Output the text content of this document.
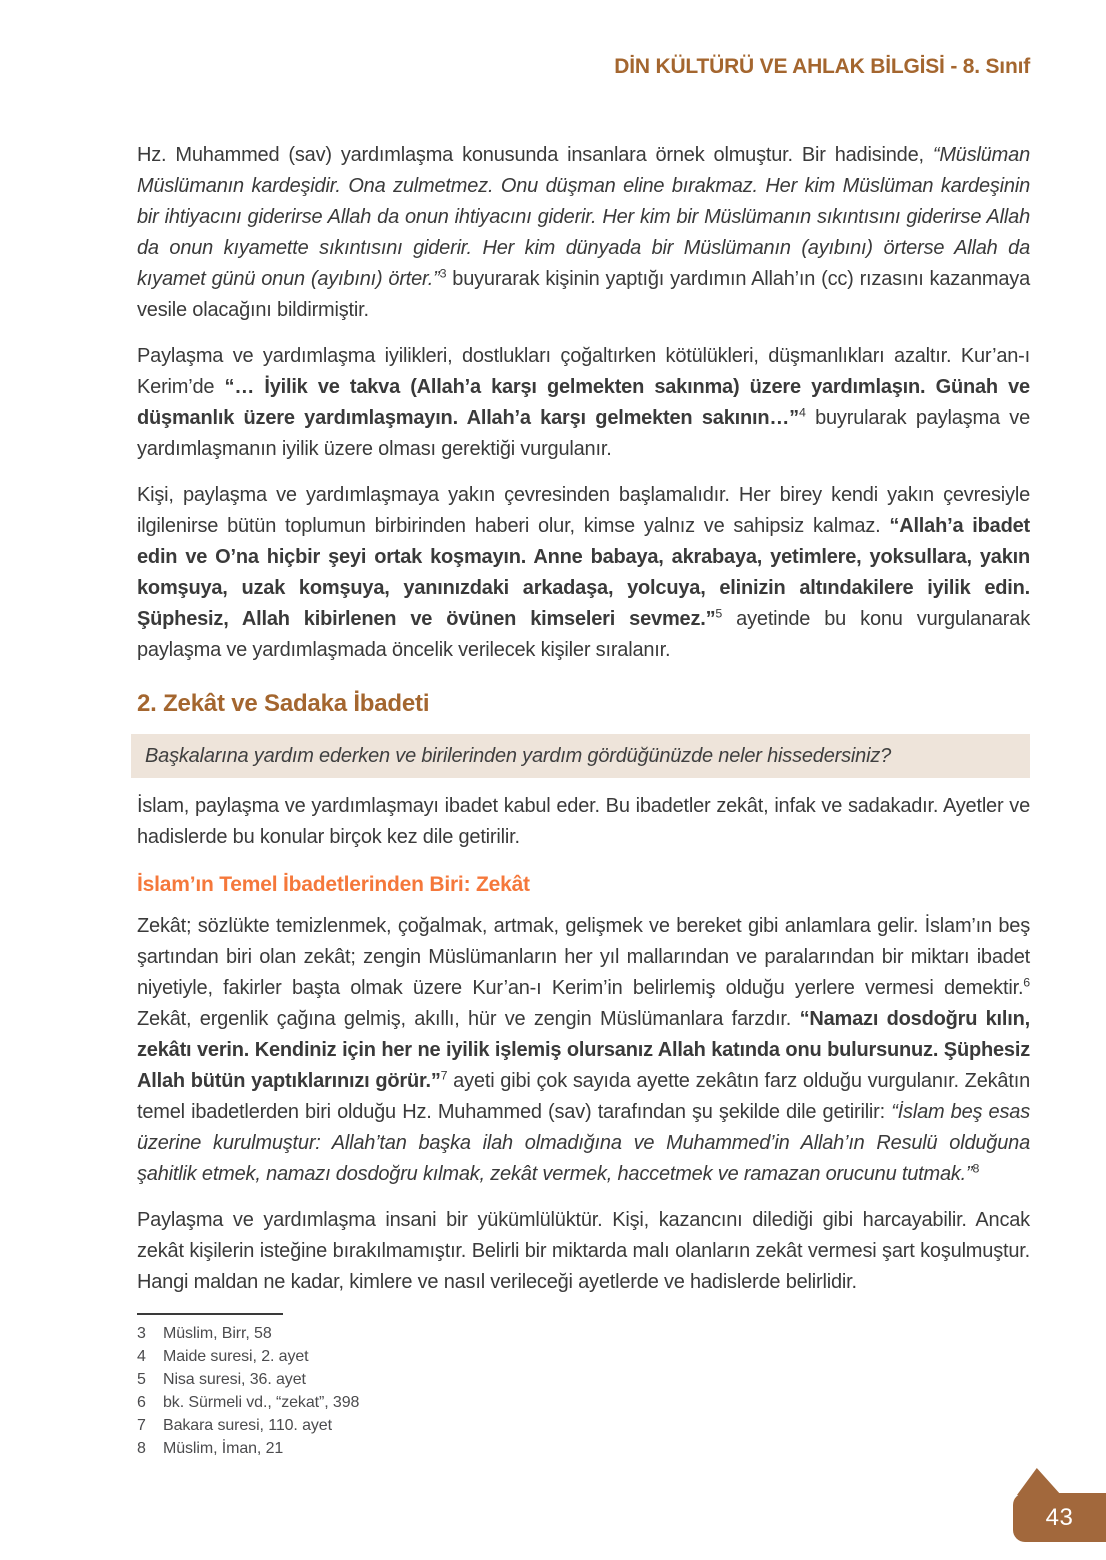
DİN KÜLTÜRÜ VE AHLAK BİLGİSİ - 8. Sınıf

Hz. Muhammed (sav) yardımlaşma konusunda insanlara örnek olmuştur. Bir hadisinde, “Müslüman Müslümanın kardeşidir. Ona zulmetmez. Onu düşman eline bırakmaz. Her kim Müslüman kardeşinin bir ihtiyacını giderirse Allah da onun ihtiyacını giderir. Her kim bir Müslümanın sıkıntısını giderirse Allah da onun kıyamette sıkıntısını giderir. Her kim dünyada bir Müslümanın (ayıbını) örterse Allah da kıyamet günü onun (ayıbını) örter.”$^3$ buyurarak kişinin yaptığı yardımın Allah’ın (cc) rızasını kazanmaya vesile olacağını bildirmiştir.

Paylaşma ve yardımlaşma iyilikleri, dostlukları çoğaltırken kötülükleri, düşmanlıkları azaltır. Kur’an-ı Kerim’de “… İyilik ve takva (Allah’a karşı gelmekten sakınma) üzere yardımlaşın. Günah ve düşmanlık üzere yardımlaşmayın. Allah’a karşı gelmekten sakının…”$^4$ buyrularak paylaşma ve yardımlaşmanın iyilik üzere olması gerektiği vurgulanır.

Kişi, paylaşma ve yardımlaşmaya yakın çevresinden başlamalıdır. Her birey kendi yakın çevresiyle ilgilenirse bütün toplumun birbirinden haberi olur, kimse yalnız ve sahipsiz kalmaz. “Allah’a ibadet edin ve O’na hiçbir şeyi ortak koşmayın. Anne babaya, akrabaya, yetimlere, yoksullara, yakın komşuya, uzak komşuya, yanınızdaki arkadaşa, yolcuya, elinizin altındakilere iyilik edin. Şüphesiz, Allah kibirlenen ve övünen kimseleri sevmez.”$^5$ ayetinde bu konu vurgulanarak paylaşma ve yardımlaşmada öncelik verilecek kişiler sıralanır.

2. Zekât ve Sadaka İbadeti
Başkalarına yardım ederken ve birilerinden yardım gördüğünüzde neler hissedersiniz?

İslam, paylaşma ve yardımlaşmayı ibadet kabul eder. Bu ibadetler zekât, infak ve sadakadır. Ayetler ve hadislerde bu konular birçok kez dile getirilir.

İslam’ın Temel İbadetlerinden Biri: Zekât

Zekât; sözlükte temizlenmek, çoğalmak, artmak, gelişmek ve bereket gibi anlamlara gelir. İslam’ın beş şartından biri olan zekât; zengin Müslümanların her yıl mallarından ve paralarından bir miktarı ibadet niyetiyle, fakirler başta olmak üzere Kur’an-ı Kerim’in belirlemiş olduğu yerlere vermesi demektir.$^6$ Zekât, ergenlik çağına gelmiş, akıllı, hür ve zengin Müslümanlara farzdır. “Namazı dosdoğru kılın, zekâtı verin. Kendiniz için her ne iyilik işlemiş olursanız Allah katında onu bulursunuz. Şüphesiz Allah bütün yaptıklarınızı görür.”$^7$ ayeti gibi çok sayıda ayette zekâtın farz olduğu vurgulanır. Zekâtın temel ibadetlerden biri olduğu Hz. Muhammed (sav) tarafından şu şekilde dile getirilir: “İslam beş esas üzerine kurulmuştur: Allah’tan başka ilah olmadığına ve Muhammed’in Allah’ın Resulü olduğuna şahitlik etmek, namazı dosdoğru kılmak, zekât vermek, haccetmek ve ramazan orucunu tutmak.”$^8$

Paylaşma ve yardımlaşma insani bir yükümlülüktür. Kişi, kazancını dilediği gibi harcayabilir. Ancak zekât kişilerin isteğine bırakılmamıştır. Belirli bir miktarda malı olanların zekât vermesi şart koşulmuştur. Hangi maldan ne kadar, kimlere ve nasıl verileceği ayetlerde ve hadislerde belirlidir.

3	Müslim, Birr, 58
4	Maide suresi, 2. ayet
5	Nisa suresi, 36. ayet
6	bk. Sürmeli vd., “zekat”, 398
7	Bakara suresi, 110. ayet
8	Müslim, İman, 21
43
